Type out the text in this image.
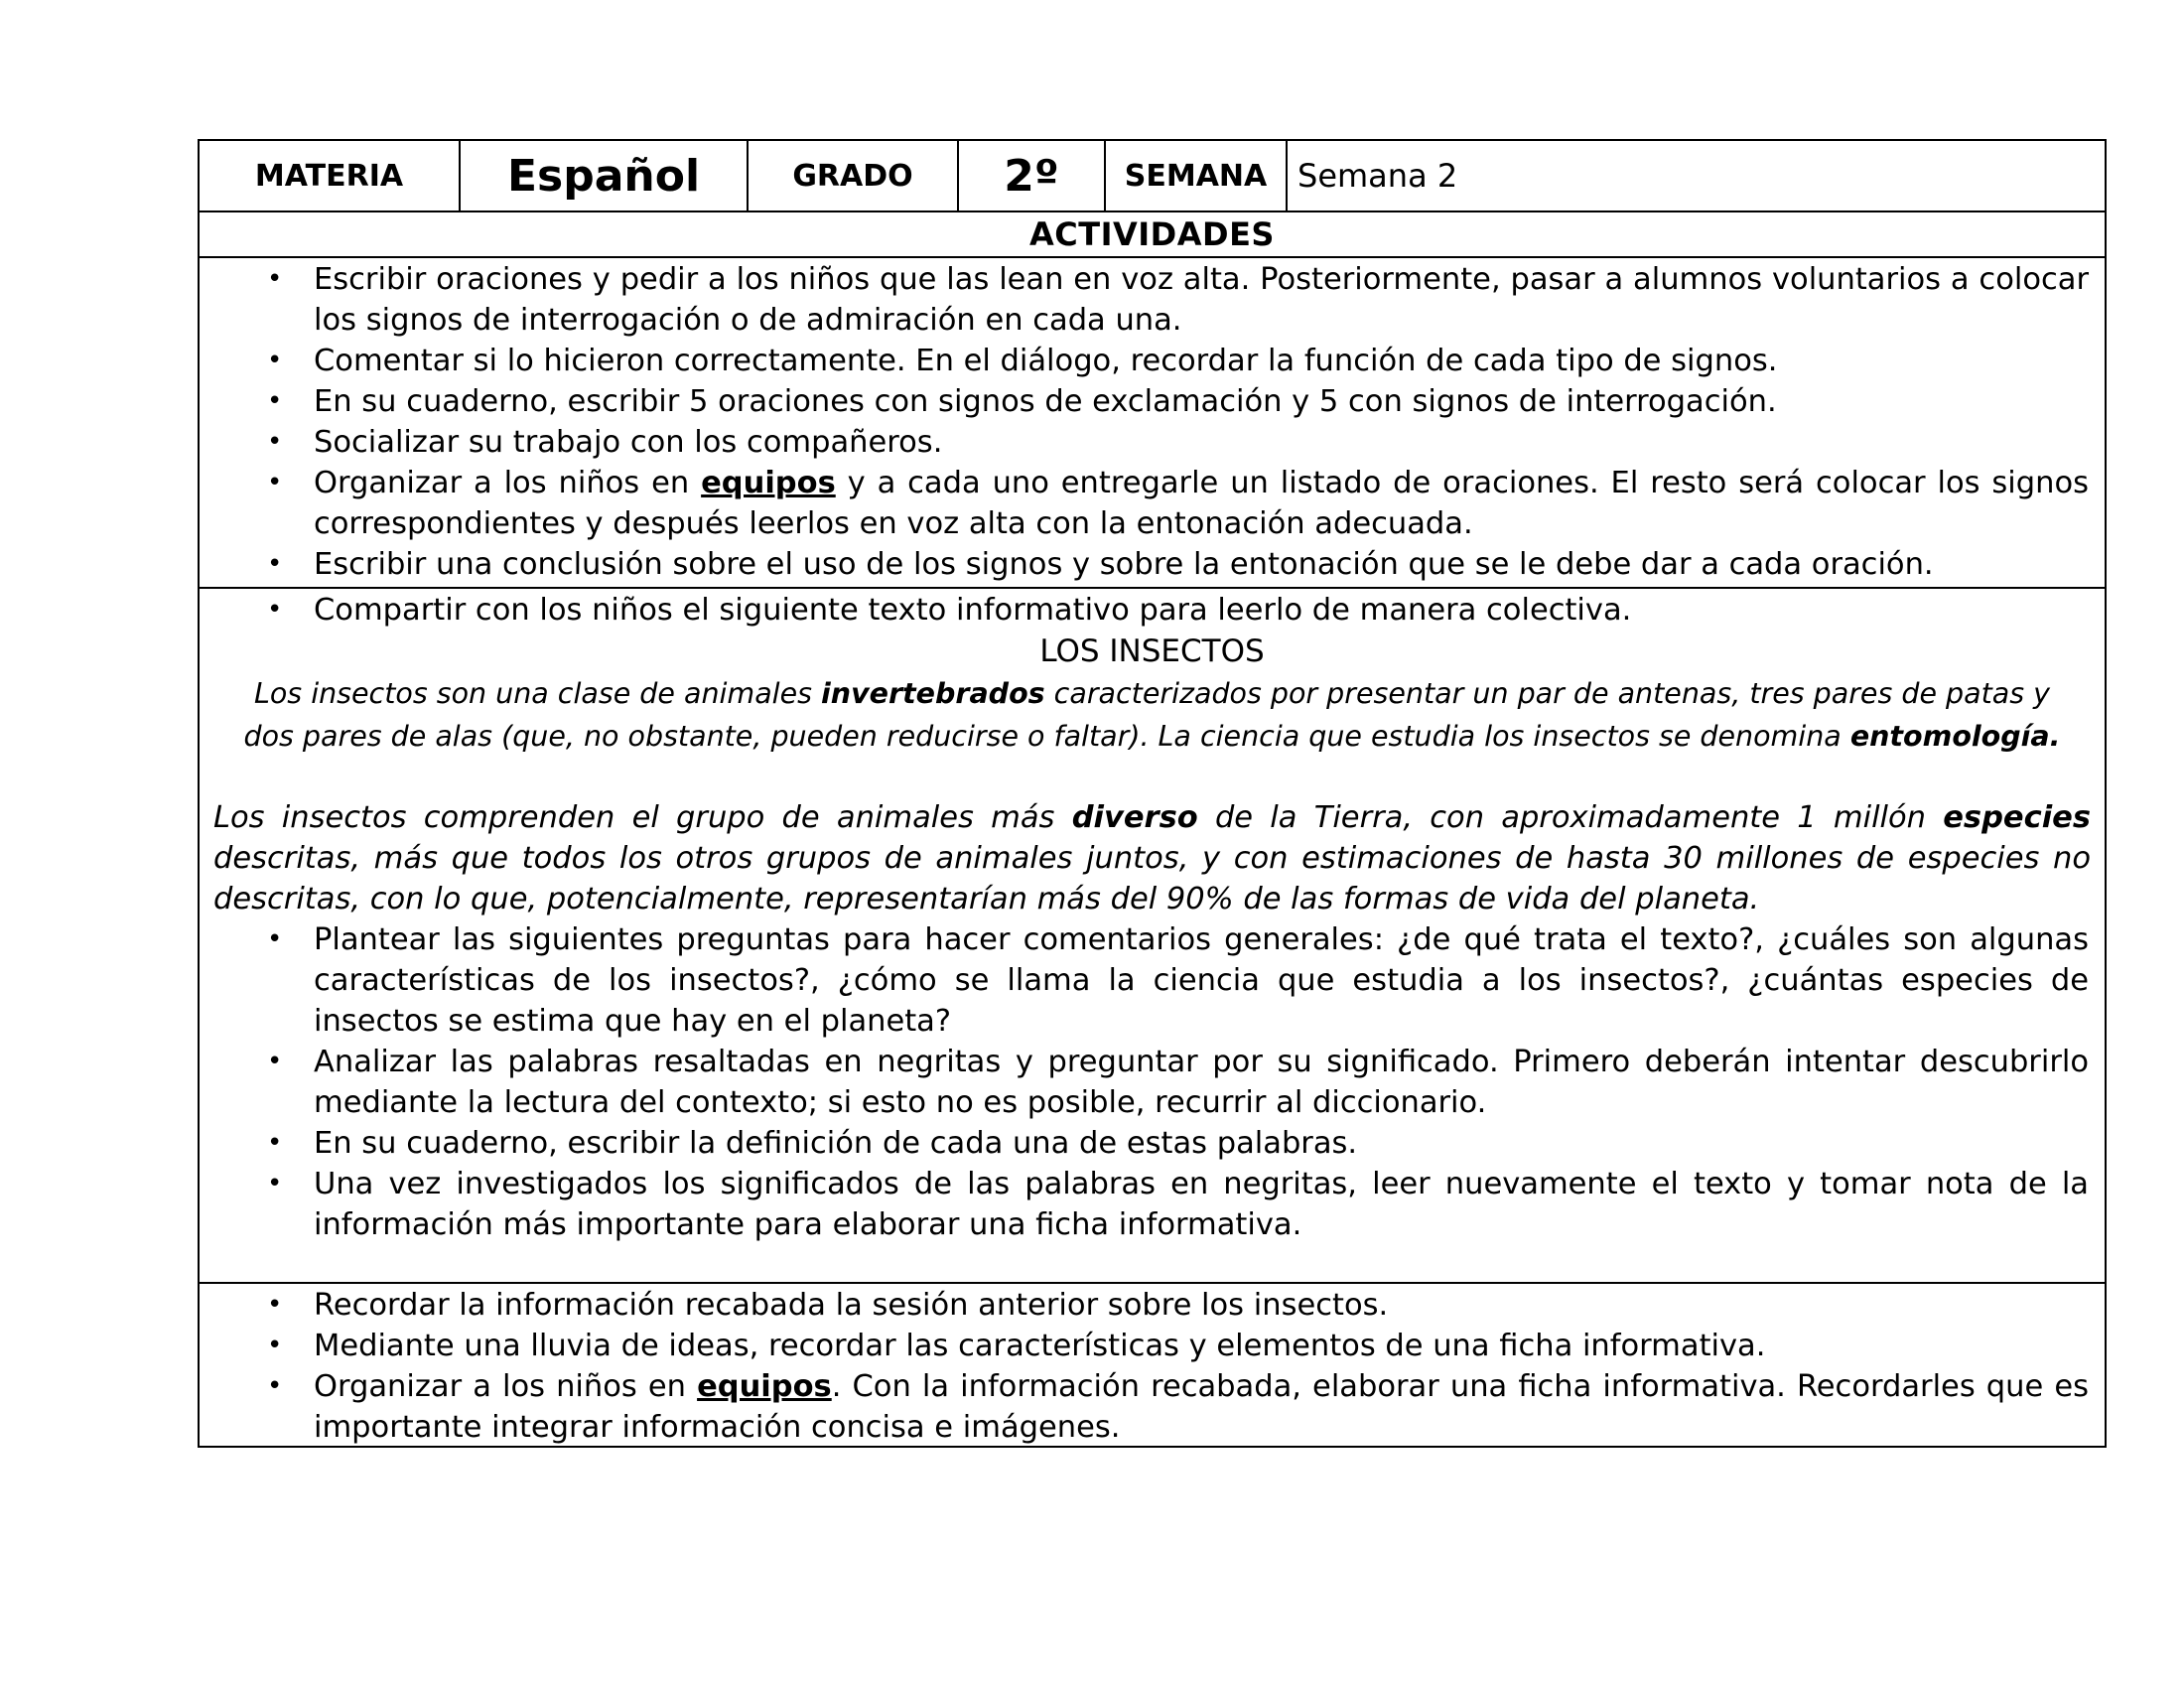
MATERIA	Español	GRADO	2º	SEMANA	Semana 2
ACTIVIDADES
• Escribir oraciones y pedir a los niños que las lean en voz alta. Posteriormente, pasar a alumnos voluntarios a colocar los signos de interrogación o de admiración en cada una.
• Comentar si lo hicieron correctamente. En el diálogo, recordar la función de cada tipo de signos.
• En su cuaderno, escribir 5 oraciones con signos de exclamación y 5 con signos de interrogación.
• Socializar su trabajo con los compañeros.
• Organizar a los niños en equipos y a cada uno entregarle un listado de oraciones. El resto será colocar los signos correspondientes y después leerlos en voz alta con la entonación adecuada.
• Escribir una conclusión sobre el uso de los signos y sobre la entonación que se le debe dar a cada oración.
• Compartir con los niños el siguiente texto informativo para leerlo de manera colectiva.
LOS INSECTOS
Los insectos son una clase de animales invertebrados caracterizados por presentar un par de antenas, tres pares de patas y dos pares de alas (que, no obstante, pueden reducirse o faltar). La ciencia que estudia los insectos se denomina entomología.
Los insectos comprenden el grupo de animales más diverso de la Tierra, con aproximadamente 1 millón especies descritas, más que todos los otros grupos de animales juntos, y con estimaciones de hasta 30 millones de especies no descritas, con lo que, potencialmente, representarían más del 90% de las formas de vida del planeta.
• Plantear las siguientes preguntas para hacer comentarios generales: ¿de qué trata el texto?, ¿cuáles son algunas características de los insectos?, ¿cómo se llama la ciencia que estudia a los insectos?, ¿cuántas especies de insectos se estima que hay en el planeta?
• Analizar las palabras resaltadas en negritas y preguntar por su significado. Primero deberán intentar descubrirlo mediante la lectura del contexto; si esto no es posible, recurrir al diccionario.
• En su cuaderno, escribir la definición de cada una de estas palabras.
• Una vez investigados los significados de las palabras en negritas, leer nuevamente el texto y tomar nota de la información más importante para elaborar una ficha informativa.
• Recordar la información recabada la sesión anterior sobre los insectos.
• Mediante una lluvia de ideas, recordar las características y elementos de una ficha informativa.
• Organizar a los niños en equipos. Con la información recabada, elaborar una ficha informativa. Recordarles que es importante integrar información concisa e imágenes.
